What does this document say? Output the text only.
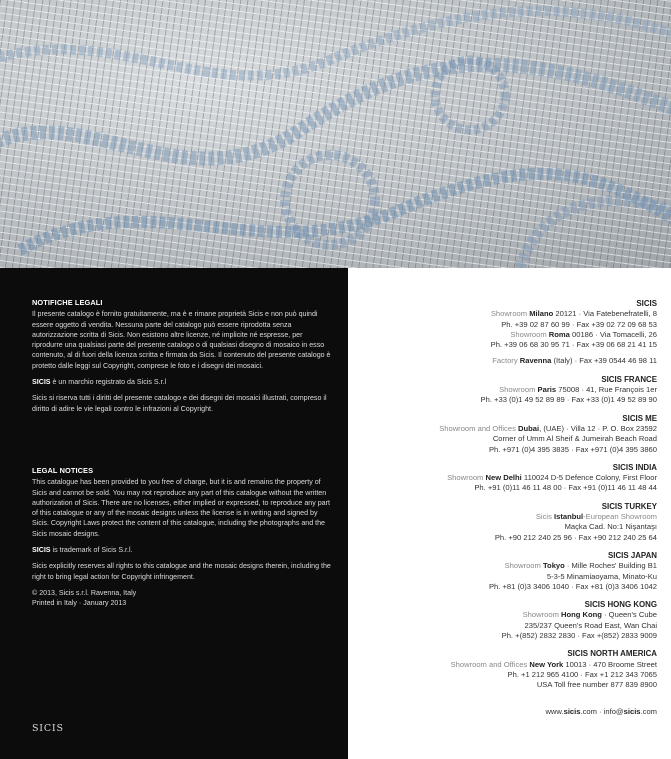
NOTIFICHE LEGALI

Il presente catalogo è fornito gratuitamente, ma è e rimane proprietà Sicis e non può quindi essere oggetto di vendita. Nessuna parte del catalogo può essere riprodotta senza autorizzazione scritta di Sicis. Non esistono altre licenze, né implicite né espresse, per riprodurre una qualsiasi parte del presente catalogo o di qualsiasi disegno di mosaico in esso contenuto, al di fuori della licenza scritta e firmata da Sicis. Il contenuto del presente catalogo è protetto dalle leggi sul Copyright, comprese le foto e i disegni dei mosaici.

SICIS è un marchio registrato da Sicis S.r.l

Sicis si riserva tutti i diritti del presente catalogo e dei disegni dei mosaici illustrati, compreso il diritto di adire le vie legali contro le infrazioni al Copyright.

LEGAL NOTICES

This catalogue has been provided to you free of charge, but it is and remains the property of Sicis and cannot be sold. You may not reproduce any part of this catalogue without the written authorization of Sicis. There are no licenses, either implied or expressed, to reproduce any part of this catalogue or any of the mosaic designs unless the license is in writing and signed by Sicis. Copyright Laws protect the content of this catalogue, including the photographs and the Sicis mosaic designs.

SICIS is trademark of Sicis S.r.l.

Sicis explicitly reserves all rights to this catalogue and the mosaic designs therein, including the right to bring legal action for Copyright infringement.

© 2013, Sicis s.r.l. Ravenna, Italy

Printed in Italy · January 2013

SICIS
SICIS
Showroom Milano 20121 · Via Fatebenefratelli, 8
Ph. +39 02 87 60 99 · Fax +39 02 72 09 68 53
Showroom Roma 00186 · Via Tomacelli, 26
Ph. +39 06 68 30 95 71 · Fax +39 06 68 21 41 15
Factory Ravenna (Italy) · Fax +39 0544 46 98 11
SICIS FRANCE
Showroom Paris 75008 · 41, Rue François 1er
Ph. +33 (0)1 49 52 89 89 · Fax +33 (0)1 49 52 89 90
SICIS ME
Showroom and Offices Dubai, (UAE) · Villa 12 · P. O. Box 23592
Corner of Umm Al Sheif & Jumeirah Beach Road
Ph. +971 (0)4 395 3835 · Fax +971 (0)4 395 3860
SICIS INDIA
Showroom New Delhi 110024 D-5 Defence Colony, First Floor
Ph. +91 (0)11 46 11 48 00 · Fax +91 (0)11 46 11 48 44
SICIS TURKEY
Sicis Istanbul-European Showroom
Maçka Cad. No:1 Nişantaşı
Ph. +90 212 240 25 96 · Fax +90 212 240 25 64
SICIS JAPAN
Showroom Tokyo · Mille Roches' Building B1
5-3-5 Minamiaoyama, Minato-Ku
Ph. +81 (0)3 3406 1040 · Fax +81 (0)3 3406 1042
SICIS HONG KONG
Showroom Hong Kong · Queen's Cube
235/237 Queen's Road East, Wan Chai
Ph. +(852) 2832 2830 · Fax +(852) 2833 9009
SICIS NORTH AMERICA
Showroom and Offices New York 10013 · 470 Broome Street
Ph. +1 212 965 4100 · Fax +1 212 343 7065
USA Toll free number 877 839 8900
www.sicis.com · info@sicis.com
